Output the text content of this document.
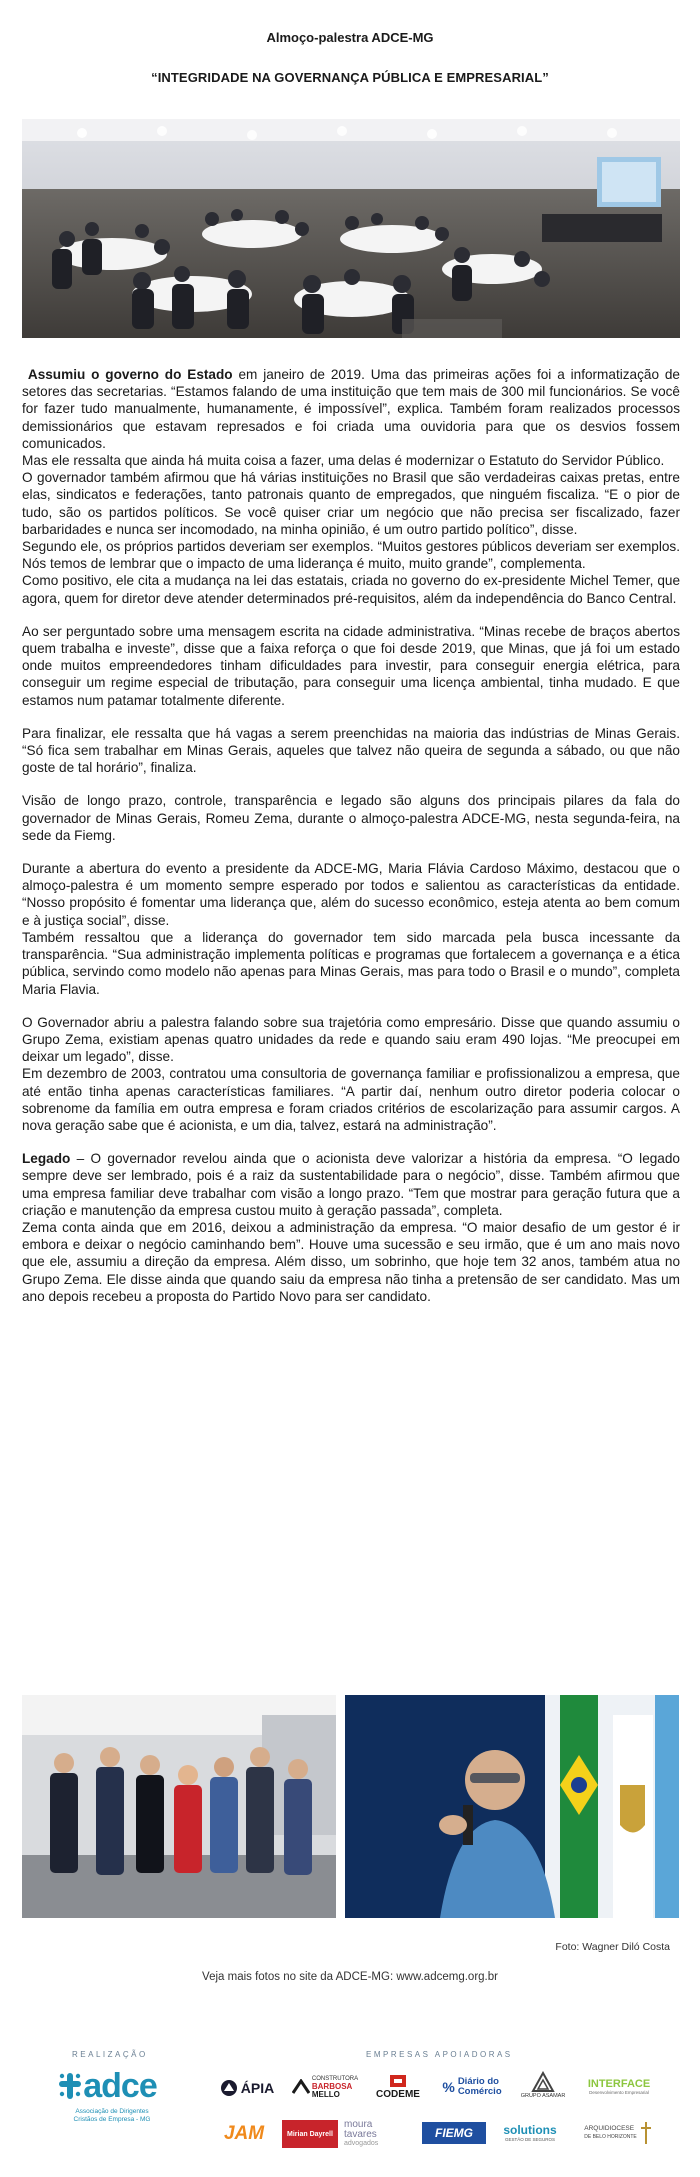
Almoço-palestra ADCE-MG
“INTEGRIDADE NA GOVERNANÇA PÚBLICA E EMPRESARIAL”

Assumiu o governo do Estado em janeiro de 2019. Uma das primeiras ações foi a informatização de setores das secretarias. “Estamos falando de uma instituição que tem mais de 300 mil funcionários. Se você for fazer tudo manualmente, humanamente, é impossível”, explica. Também foram realizados processos demissionários que estavam represados e foi criada uma ouvidoria para que os desvios fossem comunicados.

Mas ele ressalta que ainda há muita coisa a fazer, uma delas é modernizar o Estatuto do Servidor Público.

O governador também afirmou que há várias instituições no Brasil que são verdadeiras caixas pretas, entre elas, sindicatos e federações, tanto patronais quanto de empregados, que ninguém fiscaliza. “E o pior de tudo, são os partidos políticos. Se você quiser criar um negócio que não precisa ser fiscalizado, fazer barbaridades e nunca ser incomodado, na minha opinião, é um outro partido político”, disse.

Segundo ele, os próprios partidos deveriam ser exemplos. “Muitos gestores públicos deveriam ser exemplos. Nós temos de lembrar que o impacto de uma liderança é muito, muito grande”, complementa.

Como positivo, ele cita a mudança na lei das estatais, criada no governo do ex-presidente Michel Temer, que agora, quem for diretor deve atender determinados pré-requisitos, além da independência do Banco Central.

Ao ser perguntado sobre uma mensagem escrita na cidade administrativa. “Minas recebe de braços abertos quem trabalha e investe”, disse que a faixa reforça o que foi desde 2019, que Minas, que já foi um estado onde muitos empreendedores tinham dificuldades para investir, para conseguir energia elétrica, para conseguir um regime especial de tributação, para conseguir uma licença ambiental, tinha mudado. E que estamos num patamar totalmente diferente.

Para finalizar, ele ressalta que há vagas a serem preenchidas na maioria das indústrias de Minas Gerais. “Só fica sem trabalhar em Minas Gerais, aqueles que talvez não queira de segunda a sábado, ou que não goste de tal horário”, finaliza.

Visão de longo prazo, controle, transparência e legado são alguns dos principais pilares da fala do governador de Minas Gerais, Romeu Zema, durante o almoço-palestra ADCE-MG, nesta segunda-feira, na sede da Fiemg.

Durante a abertura do evento a presidente da ADCE-MG, Maria Flávia Cardoso Máximo, destacou que o almoço-palestra é um momento sempre esperado por todos e salientou as características da entidade. “Nosso propósito é fomentar uma liderança que, além do sucesso econômico, esteja atenta ao bem comum e à justiça social”, disse.

Também ressaltou que a liderança do governador tem sido marcada pela busca incessante da transparência. “Sua administração implementa políticas e programas que fortalecem a governança e a ética pública, servindo como modelo não apenas para Minas Gerais, mas para todo o Brasil e o mundo”, completa Maria Flavia.

O Governador abriu a palestra falando sobre sua trajetória como empresário. Disse que quando assumiu o Grupo Zema, existiam apenas quatro unidades da rede e quando saiu eram 490 lojas. “Me preocupei em deixar um legado”, disse.

Em dezembro de 2003, contratou uma consultoria de governança familiar e profissionalizou a empresa, que até então tinha apenas características familiares. “A partir daí, nenhum outro diretor poderia colocar o sobrenome da família em outra empresa e foram criados critérios de escolarização para assumir cargos. A nova geração sabe que é acionista, e um dia, talvez, estará na administração”.

Legado – O governador revelou ainda que o acionista deve valorizar a história da empresa. “O legado sempre deve ser lembrado, pois é a raiz da sustentabilidade para o negócio”, disse. Também afirmou que uma empresa familiar deve trabalhar com visão a longo prazo. “Tem que mostrar para geração futura que a criação e manutenção da empresa custou muito à geração passada”, completa.

Zema conta ainda que em 2016, deixou a administração da empresa. “O maior desafio de um gestor é ir embora e deixar o negócio caminhando bem”. Houve uma sucessão e seu irmão, que é um ano mais novo que ele, assumiu a direção da empresa. Além disso, um sobrinho, que hoje tem 32 anos, também atua no Grupo Zema. Ele disse ainda que quando saiu da empresa não tinha a pretensão de ser candidato. Mas um ano depois recebeu a proposta do Partido Novo para ser candidato.

Foto: Wagner Diló Costa
Veja mais fotos no site da ADCE-MG: www.adcemg.org.br
REALIZAÇÃO
adce
Associação de Dirigentes
Cristãos de Empresa - MG
EMPRESAS APOIADORAS
ÁPIA
CONSTRUTORA
BARBOSA
MELLO	CODEME % Diário do
Comércio	GRUPO ASAMAR
INTERFACE
Desenvolvimento Empresarial
JAM	Mirian Dayrell
moura
tavares
advogados
FIEMG	solutions
GESTÃO DE SEGUROS
ARQUIDIOCESE
DE BELO HORIZONTE
